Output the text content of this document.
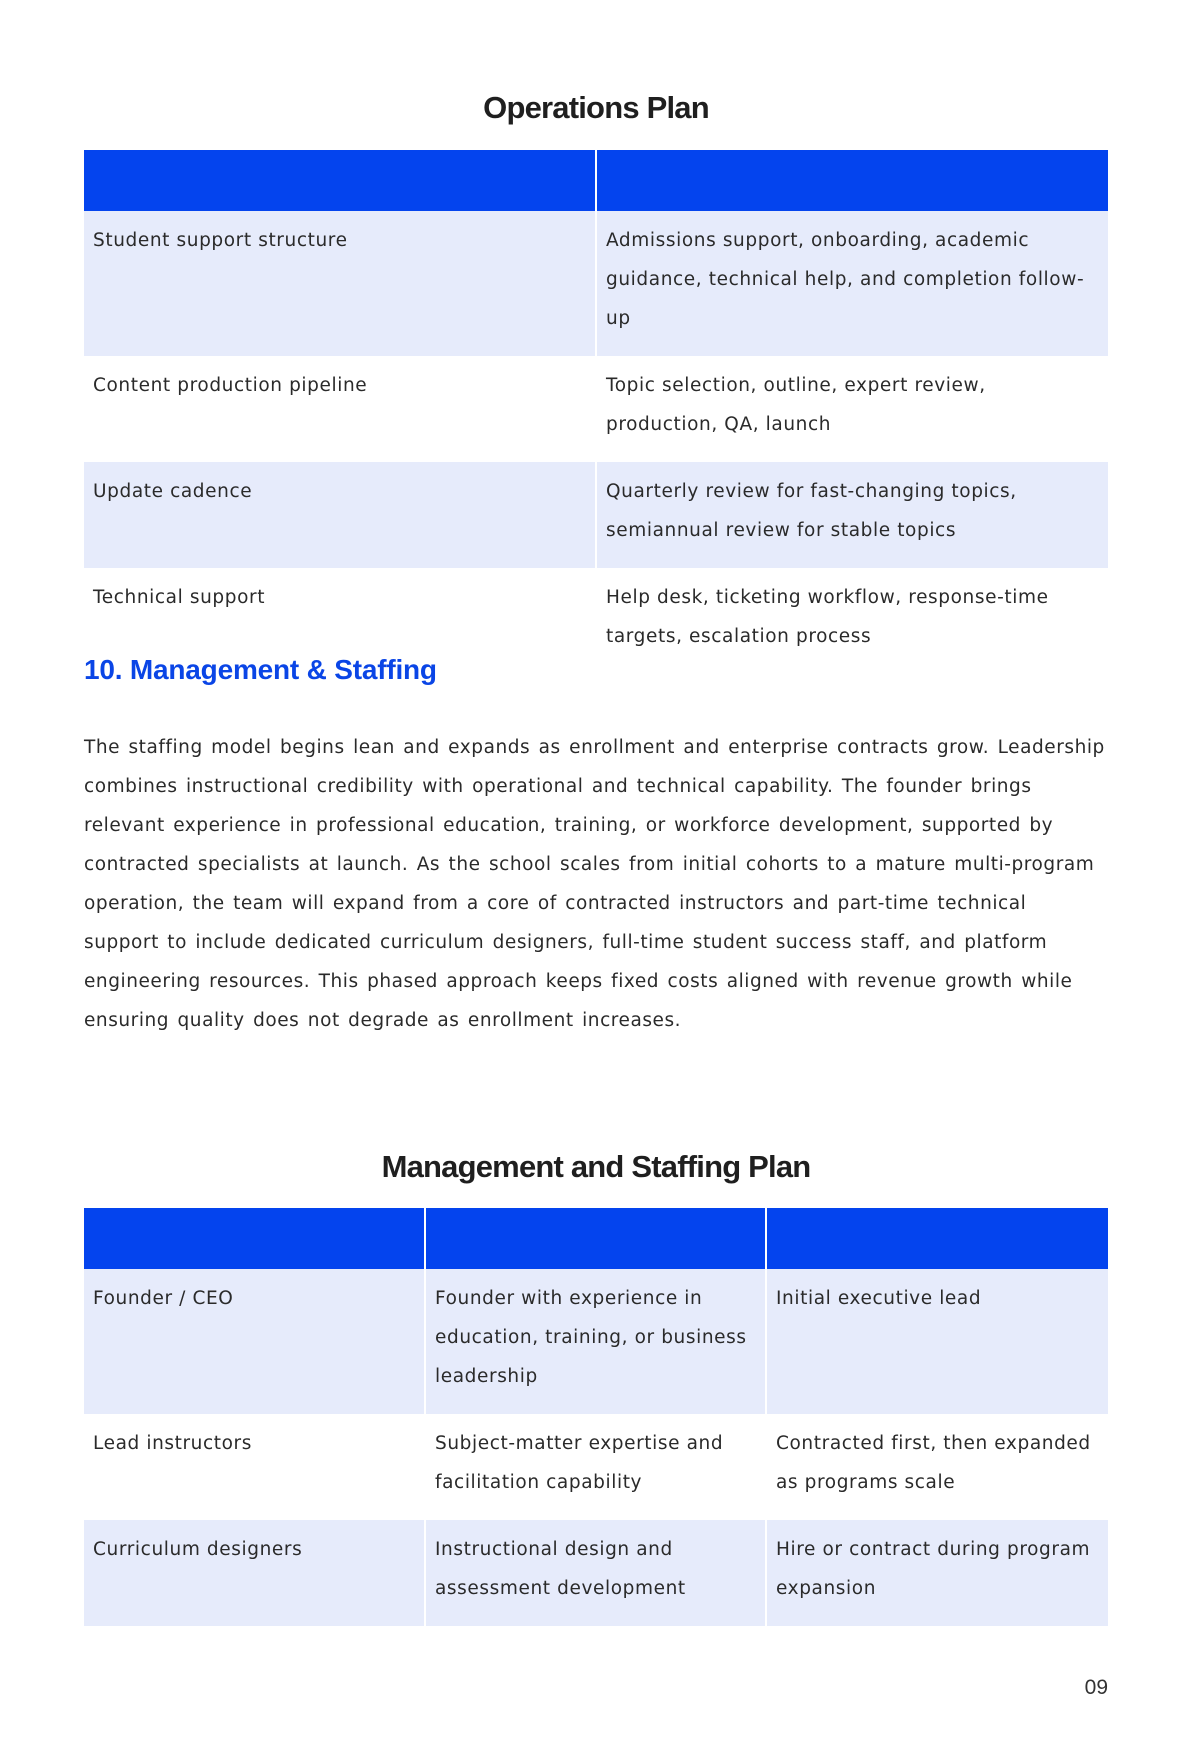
Operations Plan

Student support structure	Admissions support, onboarding, academic guidance, technical help, and completion follow-up
Content production pipeline	Topic selection, outline, expert review, production, QA, launch
Update cadence	Quarterly review for fast-changing topics, semiannual review for stable topics
Technical support	Help desk, ticketing workflow, response-time targets, escalation process
10. Management & Staffing

The staffing model begins lean and expands as enrollment and enterprise contracts grow. Leadership combines instructional credibility with operational and technical capability. The founder brings relevant experience in professional education, training, or workforce development, supported by contracted specialists at launch. As the school scales from initial cohorts to a mature multi-program operation, the team will expand from a core of contracted instructors and part-time technical support to include dedicated curriculum designers, full-time student success staff, and platform engineering resources. This phased approach keeps fixed costs aligned with revenue growth while ensuring quality does not degrade as enrollment increases.

Management and Staffing Plan

Founder / CEO	Founder with experience in education, training, or business leadership	Initial executive lead
Lead instructors	Subject-matter expertise and facilitation capability	Contracted first, then expanded as programs scale
Curriculum designers	Instructional design and assessment development	Hire or contract during program expansion
09
